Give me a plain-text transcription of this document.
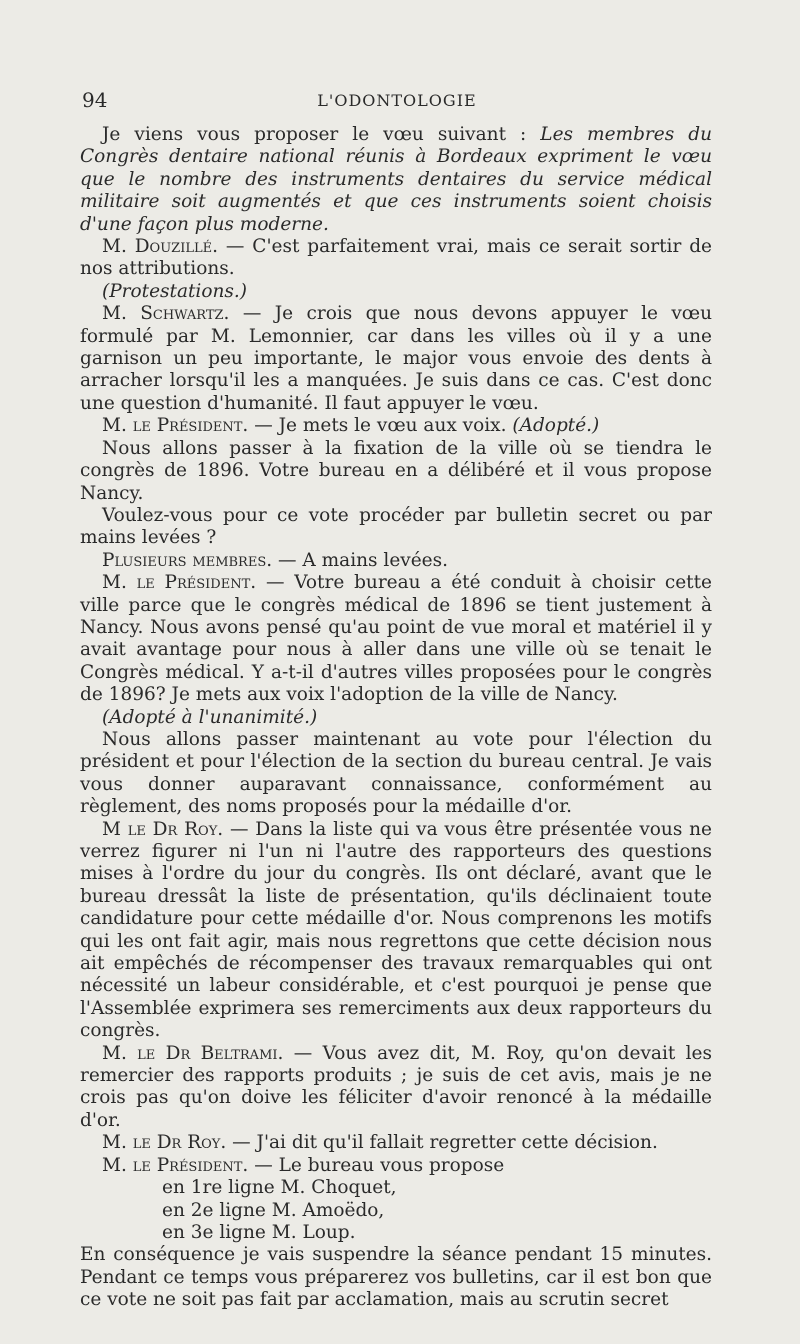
94	L'ODONTOLOGIE

Je viens vous proposer le vœu suivant : Les membres du Congrès dentaire national réunis à Bordeaux expriment le vœu que le nombre des instruments dentaires du service médical militaire soit augmentés et que ces instruments soient choisis d'une façon plus moderne.

M. Douzillé. — C'est parfaitement vrai, mais ce serait sortir de nos attributions.

(Protestations.)

M. Schwartz. — Je crois que nous devons appuyer le vœu formulé par M. Lemonnier, car dans les villes où il y a une garnison un peu importante, le major vous envoie des dents à arracher lorsqu'il les a manquées. Je suis dans ce cas. C'est donc une question d'humanité. Il faut appuyer le vœu.

M. le Président. — Je mets le vœu aux voix. (Adopté.)

Nous allons passer à la fixation de la ville où se tiendra le congrès de 1896. Votre bureau en a délibéré et il vous propose Nancy.

Voulez-vous pour ce vote procéder par bulletin secret ou par mains levées ?

Plusieurs membres. — A mains levées.

M. le Président. — Votre bureau a été conduit à choisir cette ville parce que le congrès médical de 1896 se tient justement à Nancy. Nous avons pensé qu'au point de vue moral et matériel il y avait avantage pour nous à aller dans une ville où se tenait le Congrès médical. Y a-t-il d'autres villes proposées pour le congrès de 1896? Je mets aux voix l'adoption de la ville de Nancy.

(Adopté à l'unanimité.)

Nous allons passer maintenant au vote pour l'élection du président et pour l'élection de la section du bureau central. Je vais vous donner auparavant connaissance, conformément au règlement, des noms proposés pour la médaille d'or.

M le Dr Roy. — Dans la liste qui va vous être présentée vous ne verrez figurer ni l'un ni l'autre des rapporteurs des questions mises à l'ordre du jour du congrès. Ils ont déclaré, avant que le bureau dressât la liste de présentation, qu'ils déclinaient toute candidature pour cette médaille d'or. Nous comprenons les motifs qui les ont fait agir, mais nous regrettons que cette décision nous ait empêchés de récompenser des travaux remarquables qui ont nécessité un labeur considérable, et c'est pourquoi je pense que l'Assemblée exprimera ses remerciments aux deux rapporteurs du congrès.

M. le Dr Beltrami. — Vous avez dit, M. Roy, qu'on devait les remercier des rapports produits ; je suis de cet avis, mais je ne crois pas qu'on doive les féliciter d'avoir renoncé à la médaille d'or.

M. le Dr Roy. — J'ai dit qu'il fallait regretter cette décision.

M. le Président. — Le bureau vous propose

en 1re ligne M. Choquet,

en 2e ligne M. Amoëdo,

en 3e ligne M. Loup.

En conséquence je vais suspendre la séance pendant 15 minutes. Pendant ce temps vous préparerez vos bulletins, car il est bon que ce vote ne soit pas fait par acclamation, mais au scrutin secret
